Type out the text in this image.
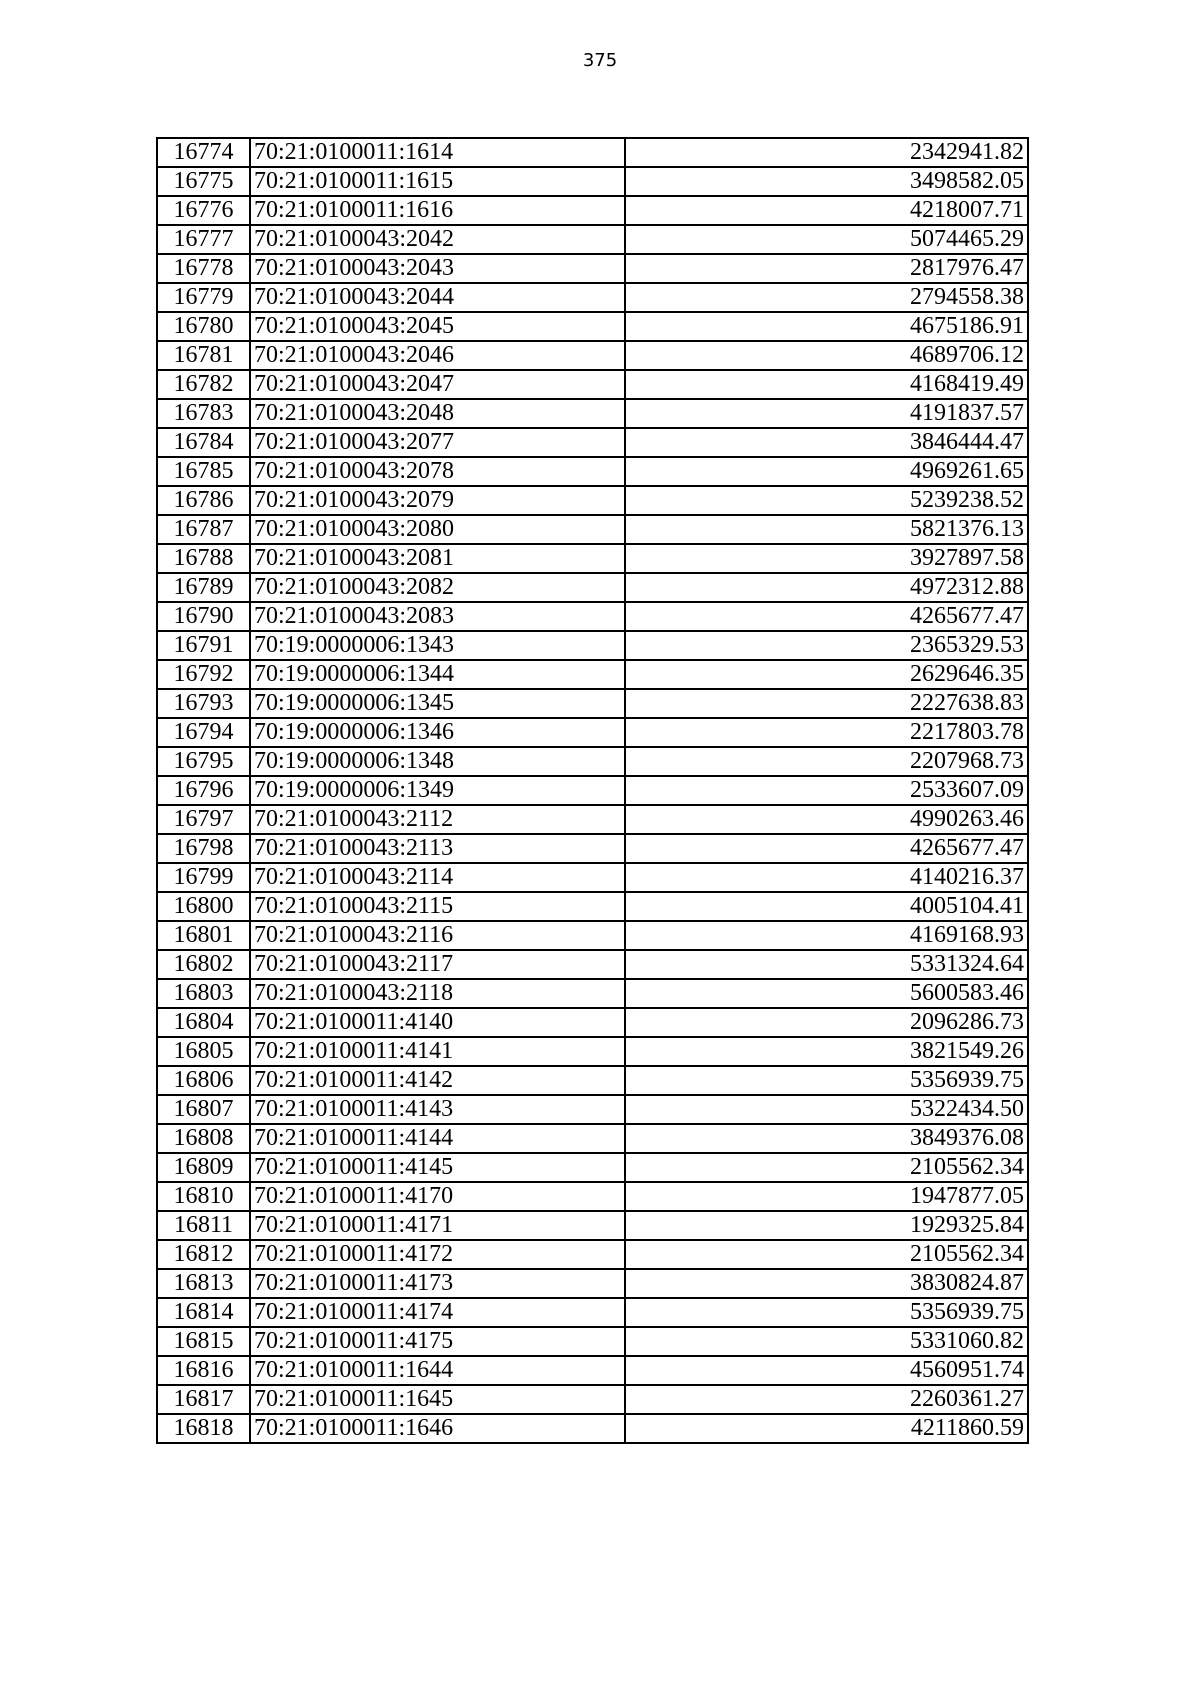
375
16774	70:21:0100011:1614	2342941.82
16775	70:21:0100011:1615	3498582.05
16776	70:21:0100011:1616	4218007.71
16777	70:21:0100043:2042	5074465.29
16778	70:21:0100043:2043	2817976.47
16779	70:21:0100043:2044	2794558.38
16780	70:21:0100043:2045	4675186.91
16781	70:21:0100043:2046	4689706.12
16782	70:21:0100043:2047	4168419.49
16783	70:21:0100043:2048	4191837.57
16784	70:21:0100043:2077	3846444.47
16785	70:21:0100043:2078	4969261.65
16786	70:21:0100043:2079	5239238.52
16787	70:21:0100043:2080	5821376.13
16788	70:21:0100043:2081	3927897.58
16789	70:21:0100043:2082	4972312.88
16790	70:21:0100043:2083	4265677.47
16791	70:19:0000006:1343	2365329.53
16792	70:19:0000006:1344	2629646.35
16793	70:19:0000006:1345	2227638.83
16794	70:19:0000006:1346	2217803.78
16795	70:19:0000006:1348	2207968.73
16796	70:19:0000006:1349	2533607.09
16797	70:21:0100043:2112	4990263.46
16798	70:21:0100043:2113	4265677.47
16799	70:21:0100043:2114	4140216.37
16800	70:21:0100043:2115	4005104.41
16801	70:21:0100043:2116	4169168.93
16802	70:21:0100043:2117	5331324.64
16803	70:21:0100043:2118	5600583.46
16804	70:21:0100011:4140	2096286.73
16805	70:21:0100011:4141	3821549.26
16806	70:21:0100011:4142	5356939.75
16807	70:21:0100011:4143	5322434.50
16808	70:21:0100011:4144	3849376.08
16809	70:21:0100011:4145	2105562.34
16810	70:21:0100011:4170	1947877.05
16811	70:21:0100011:4171	1929325.84
16812	70:21:0100011:4172	2105562.34
16813	70:21:0100011:4173	3830824.87
16814	70:21:0100011:4174	5356939.75
16815	70:21:0100011:4175	5331060.82
16816	70:21:0100011:1644	4560951.74
16817	70:21:0100011:1645	2260361.27
16818	70:21:0100011:1646	4211860.59
